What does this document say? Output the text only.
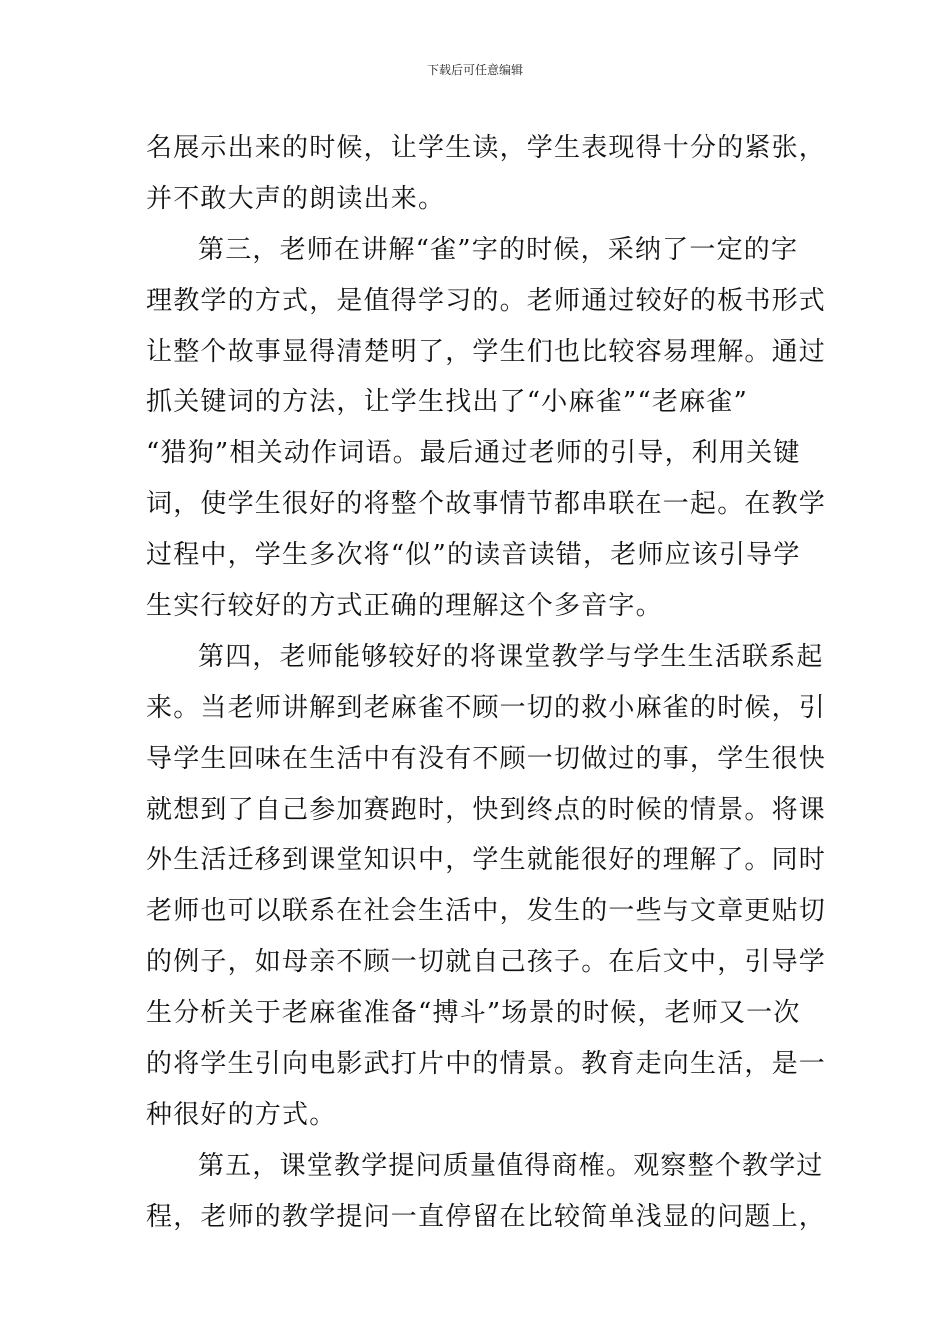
下载后可任意编辑
名展示出来的时候，让学生读，学生表现得十分的紧张，
并不敢大声的朗读出来。
第三，老师在讲解“雀”字的时候，采纳了一定的字
理教学的方式，是值得学习的。老师通过较好的板书形式
让整个故事显得清楚明了，学生们也比较容易理解。通过
抓关键词的方法，让学生找出了“小麻雀”“老麻雀”
“猎狗”相关动作词语。最后通过老师的引导，利用关键
词，使学生很好的将整个故事情节都串联在一起。在教学
过程中，学生多次将“似”的读音读错，老师应该引导学
生实行较好的方式正确的理解这个多音字。
第四，老师能够较好的将课堂教学与学生生活联系起
来。当老师讲解到老麻雀不顾一切的救小麻雀的时候，引
导学生回味在生活中有没有不顾一切做过的事，学生很快
就想到了自己参加赛跑时，快到终点的时候的情景。将课
外生活迁移到课堂知识中，学生就能很好的理解了。同时
老师也可以联系在社会生活中，发生的一些与文章更贴切
的例子，如母亲不顾一切就自己孩子。在后文中，引导学
生分析关于老麻雀准备“搏斗”场景的时候，老师又一次
的将学生引向电影武打片中的情景。教育走向生活，是一
种很好的方式。
第五，课堂教学提问质量值得商榷。观察整个教学过
程，老师的教学提问一直停留在比较简单浅显的问题上，
